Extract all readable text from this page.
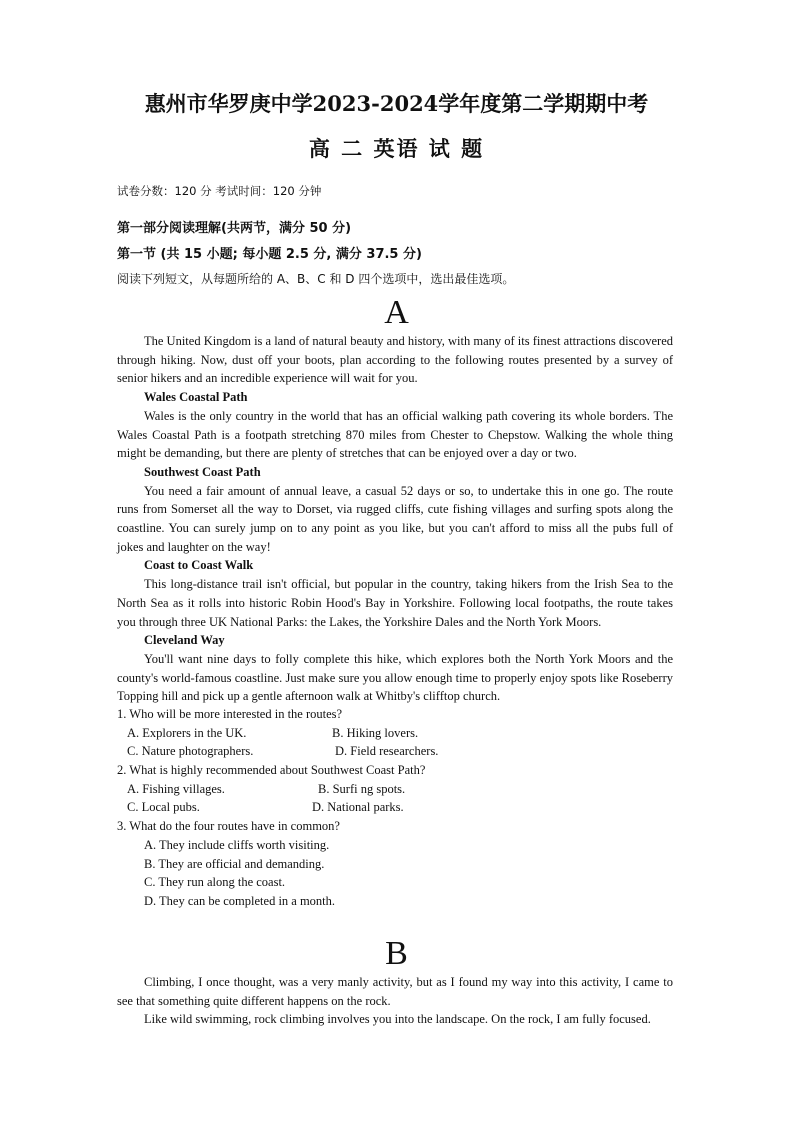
惠州市华罗庚中学2023-2024学年度第二学期期中考
高 二 英语 试 题
试卷分数：120 分 考试时间：120 分钟
第一部分阅读理解(共两节，满分 50 分)
第一节 (共 15 小题; 每小题 2.5 分, 满分 37.5 分)
阅读下列短文，从每题所给的 A、B、C 和 D 四个选项中，选出最佳选项。
A

The United Kingdom is a land of natural beauty and history, with many of its finest attractions discovered through hiking. Now, dust off your boots, plan according to the following routes presented by a survey of senior hikers and an incredible experience will wait for you.

Wales Coastal Path

Wales is the only country in the world that has an official walking path covering its whole borders. The Wales Coastal Path is a footpath stretching 870 miles from Chester to Chepstow. Walking the whole thing might be demanding, but there are plenty of stretches that can be enjoyed over a day or two.

Southwest Coast Path

You need a fair amount of annual leave, a casual 52 days or so, to undertake this in one go. The route runs from Somerset all the way to Dorset, via rugged cliffs, cute fishing villages and surfing spots along the coastline. You can surely jump on to any point as you like, but you can't afford to miss all the pubs full of jokes and laughter on the way!

Coast to Coast Walk

This long-distance trail isn't official, but popular in the country, taking hikers from the Irish Sea to the North Sea as it rolls into historic Robin Hood's Bay in Yorkshire. Following local footpaths, the route takes you through three UK National Parks: the Lakes, the Yorkshire Dales and the North York Moors.

Cleveland Way

You'll want nine days to folly complete this hike, which explores both the North York Moors and the county's world-famous coastline. Just make sure you allow enough time to properly enjoy spots like Roseberry Topping hill and pick up a gentle afternoon walk at Whitby's clifftop church.

1. Who will be more interested in the routes?

A. Explorers in the UK.	B. Hiking lovers.
C. Nature photographers.	D. Field researchers.

2. What is highly recommended about Southwest Coast Path?

A. Fishing villages.	B. Surfi ng spots.
C. Local pubs.	D. National parks.

3. What do the four routes have in common?

A. They include cliffs worth visiting.

B. They are official and demanding.

C. They run along the coast.

D. They can be completed in a month.

B

Climbing, I once thought, was a very manly activity, but as I found my way into this activity, I came to see that something quite different happens on the rock.

Like wild swimming, rock climbing involves you into the landscape. On the rock, I am fully focused.
